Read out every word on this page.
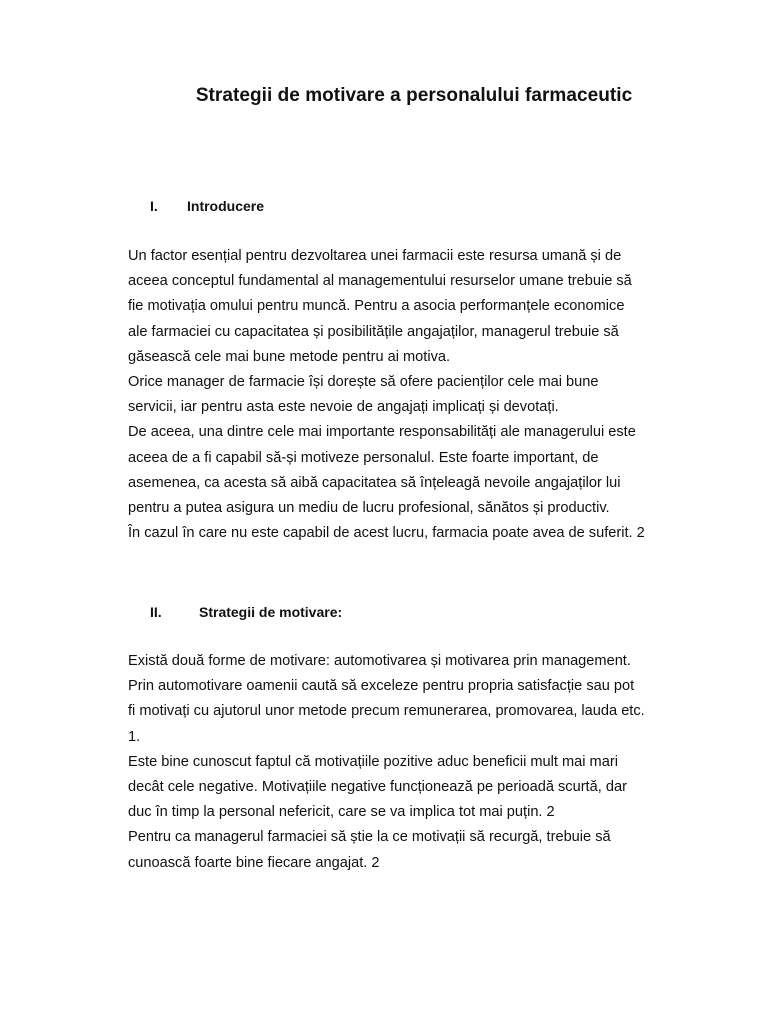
Strategii de motivare a personalului farmaceutic
I. Introducere
Un factor esențial pentru dezvoltarea unei farmacii este resursa umană și de
aceea conceptul fundamental al managementului resurselor umane trebuie să
fie motivația omului pentru muncă. Pentru a asocia performanțele economice
ale farmaciei cu capacitatea și posibilitățile angajaților, managerul trebuie să
găsească cele mai bune metode pentru ai motiva.
Orice manager de farmacie își dorește să ofere pacienților cele mai bune
servicii, iar pentru asta este nevoie de angajați implicați și devotați.
De aceea, una dintre cele mai importante responsabilități ale managerului este
aceea de a fi capabil să-și motiveze personalul. Este foarte important, de
asemenea, ca acesta să aibă capacitatea să înțeleagă nevoile angajaților lui
pentru a putea asigura un mediu de lucru profesional, sănătos și productiv.
În cazul în care nu este capabil de acest lucru, farmacia poate avea de suferit. 2
II.	Strategii de motivare:
Există două forme de motivare: automotivarea și motivarea prin management.
Prin automotivare oamenii caută să exceleze pentru propria satisfacție sau pot
fi motivați cu ajutorul unor metode precum remunerarea, promovarea, lauda etc.
1.
Este bine cunoscut faptul că motivațiile pozitive aduc beneficii mult mai mari
decât cele negative. Motivațiile negative funcționează pe perioadă scurtă, dar
duc în timp la personal nefericit, care se va implica tot mai puțin. 2
Pentru ca managerul farmaciei să știe la ce motivații să recurgă, trebuie să
cunoască foarte bine fiecare angajat. 2
